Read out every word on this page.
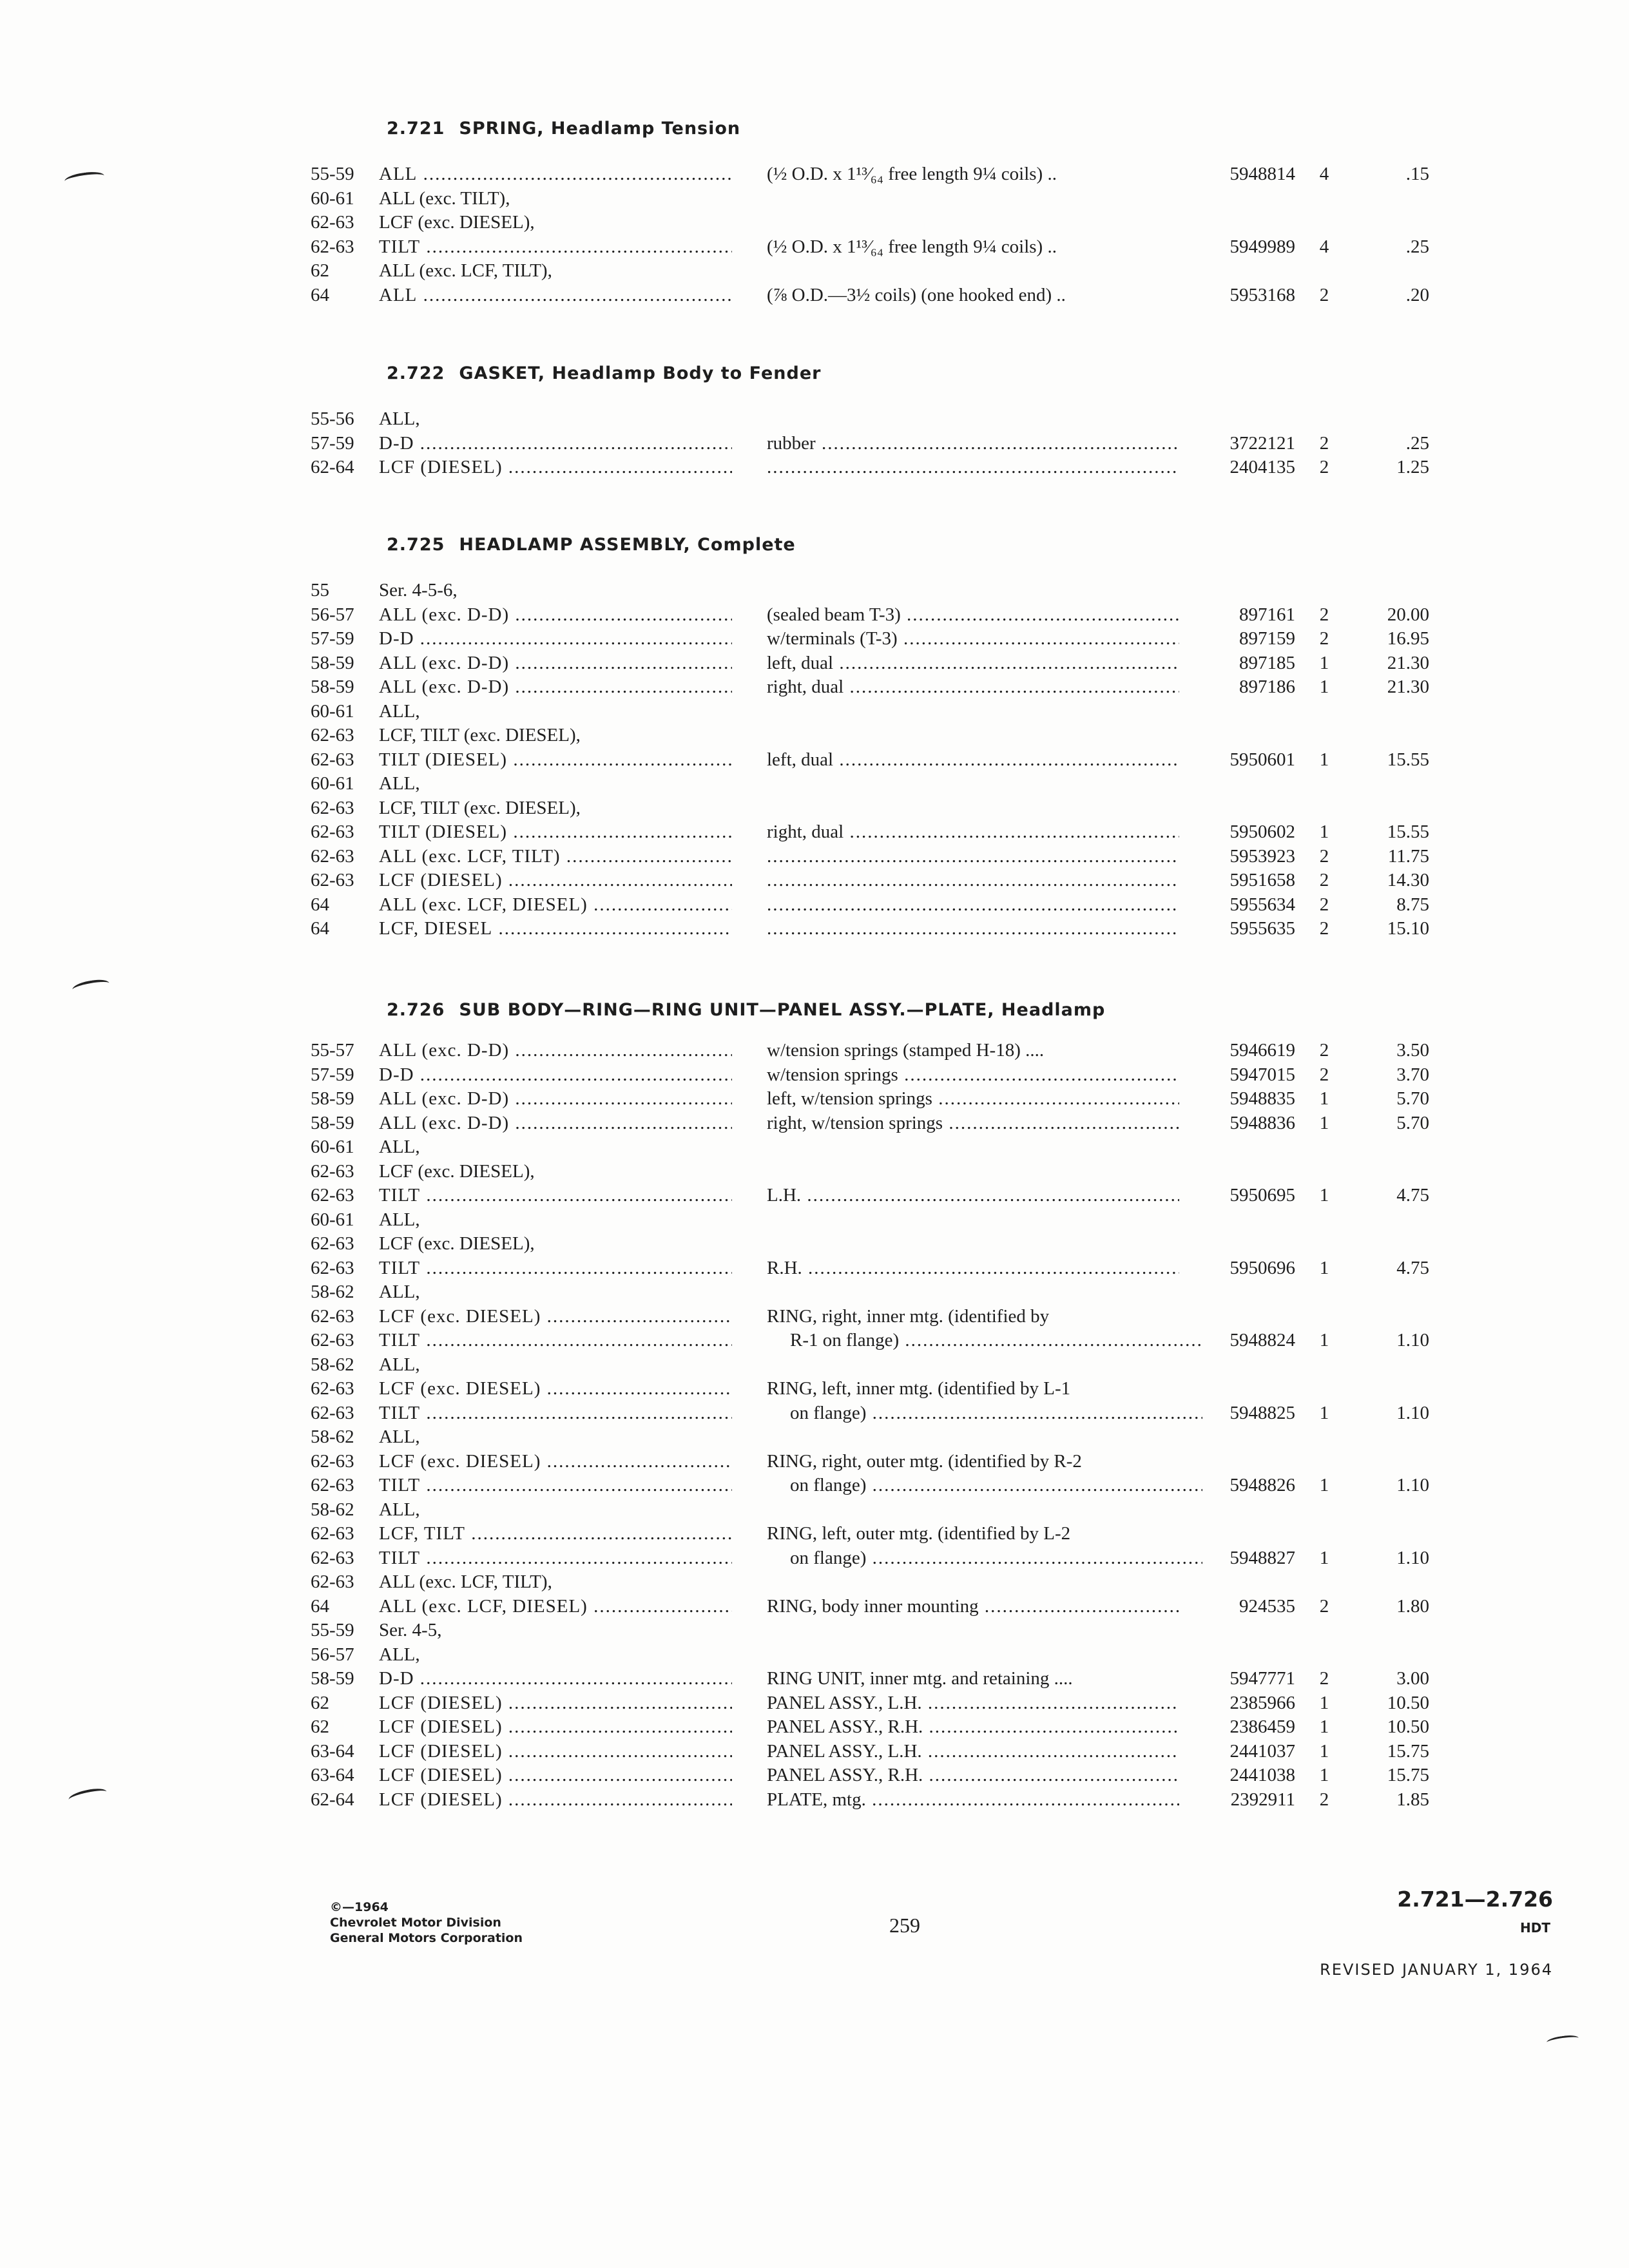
2.721 SPRING, Headlamp Tension
55-59	ALL .....	(½ O.D. x 1¹³⁄₆₄ free length 9¼ coils) ..	5948814	4	.15
60-61	ALL (exc. TILT),
62-63	LCF (exc. DIESEL),
62-63	TILT .....	(½ O.D. x 1¹³⁄₆₄ free length 9¼ coils) ..	5949989	4	.25
62	ALL (exc. LCF, TILT),
64	ALL .....	(⅞ O.D.—3½ coils) (one hooked end) ..	5953168	2	.20
2.722 GASKET, Headlamp Body to Fender
55-56	ALL,
57-59	D-D .....	rubber .....	3722121	2	.25
62-64	LCF (DIESEL) ..... .....	2404135	2	1.25
2.725 HEADLAMP ASSEMBLY, Complete
55	Ser. 4-5-6,
56-57	ALL (exc. D-D) .....	(sealed beam T-3) .....	897161	2	20.00
57-59	D-D .....	w/terminals (T-3) .....	897159	2	16.95
58-59	ALL (exc. D-D) .....	left, dual .....	897185	1	21.30
58-59	ALL (exc. D-D) .....	right, dual .....	897186	1	21.30
60-61	ALL,
62-63	LCF, TILT (exc. DIESEL),
62-63	TILT (DIESEL) .....	left, dual .....	5950601	1	15.55
60-61	ALL,
62-63	LCF, TILT (exc. DIESEL),
62-63	TILT (DIESEL) .....	right, dual .....	5950602	1	15.55
62-63	ALL (exc. LCF, TILT) ..... .....	5953923	2	11.75
62-63	LCF (DIESEL) ..... .....	5951658	2	14.30
64	ALL (exc. LCF, DIESEL) ..... .....	5955634	2	8.75
64	LCF, DIESEL ..... .....	5955635	2	15.10
2.726 SUB BODY—RING—RING UNIT—PANEL ASSY.—PLATE, Headlamp
55-57	ALL (exc. D-D) .....	w/tension springs (stamped H-18) ....	5946619	2	3.50
57-59	D-D .....	w/tension springs .....	5947015	2	3.70
58-59	ALL (exc. D-D) .....	left, w/tension springs .....	5948835	1	5.70
58-59	ALL (exc. D-D) .....	right, w/tension springs .....	5948836	1	5.70
60-61	ALL,
62-63	LCF (exc. DIESEL),
62-63	TILT .....	L.H. .....	5950695	1	4.75
60-61	ALL,
62-63	LCF (exc. DIESEL),
62-63	TILT .....	R.H. .....	5950696	1	4.75
58-62	ALL,
62-63	LCF (exc. DIESEL) .....	RING, right, inner mtg. (identified by
62-63	TILT .....	R-1 on flange) .....	5948824	1	1.10
58-62	ALL,
62-63	LCF (exc. DIESEL) .....	RING, left, inner mtg. (identified by L-1
62-63	TILT .....	on flange) .....	5948825	1	1.10
58-62	ALL,
62-63	LCF (exc. DIESEL) .....	RING, right, outer mtg. (identified by R-2
62-63	TILT .....	on flange) .....	5948826	1	1.10
58-62	ALL,
62-63	LCF, TILT .....	RING, left, outer mtg. (identified by L-2
62-63	TILT .....	on flange) .....	5948827	1	1.10
62-63	ALL (exc. LCF, TILT),
64	ALL (exc. LCF, DIESEL) .....	RING, body inner mounting .....	924535	2	1.80
55-59	Ser. 4-5,
56-57	ALL,
58-59	D-D .....	RING UNIT, inner mtg. and retaining ....	5947771	2	3.00
62	LCF (DIESEL) .....	PANEL ASSY., L.H. .....	2385966	1	10.50
62	LCF (DIESEL) .....	PANEL ASSY., R.H. .....	2386459	1	10.50
63-64	LCF (DIESEL) .....	PANEL ASSY., L.H. .....	2441037	1	15.75
63-64	LCF (DIESEL) .....	PANEL ASSY., R.H. .....	2441038	1	15.75
62-64	LCF (DIESEL) .....	PLATE, mtg. .....	2392911	2	1.85
©—1964
Chevrolet Motor Division
General Motors Corporation
259
2.721—2.726
HDT
REVISED JANUARY 1, 1964
